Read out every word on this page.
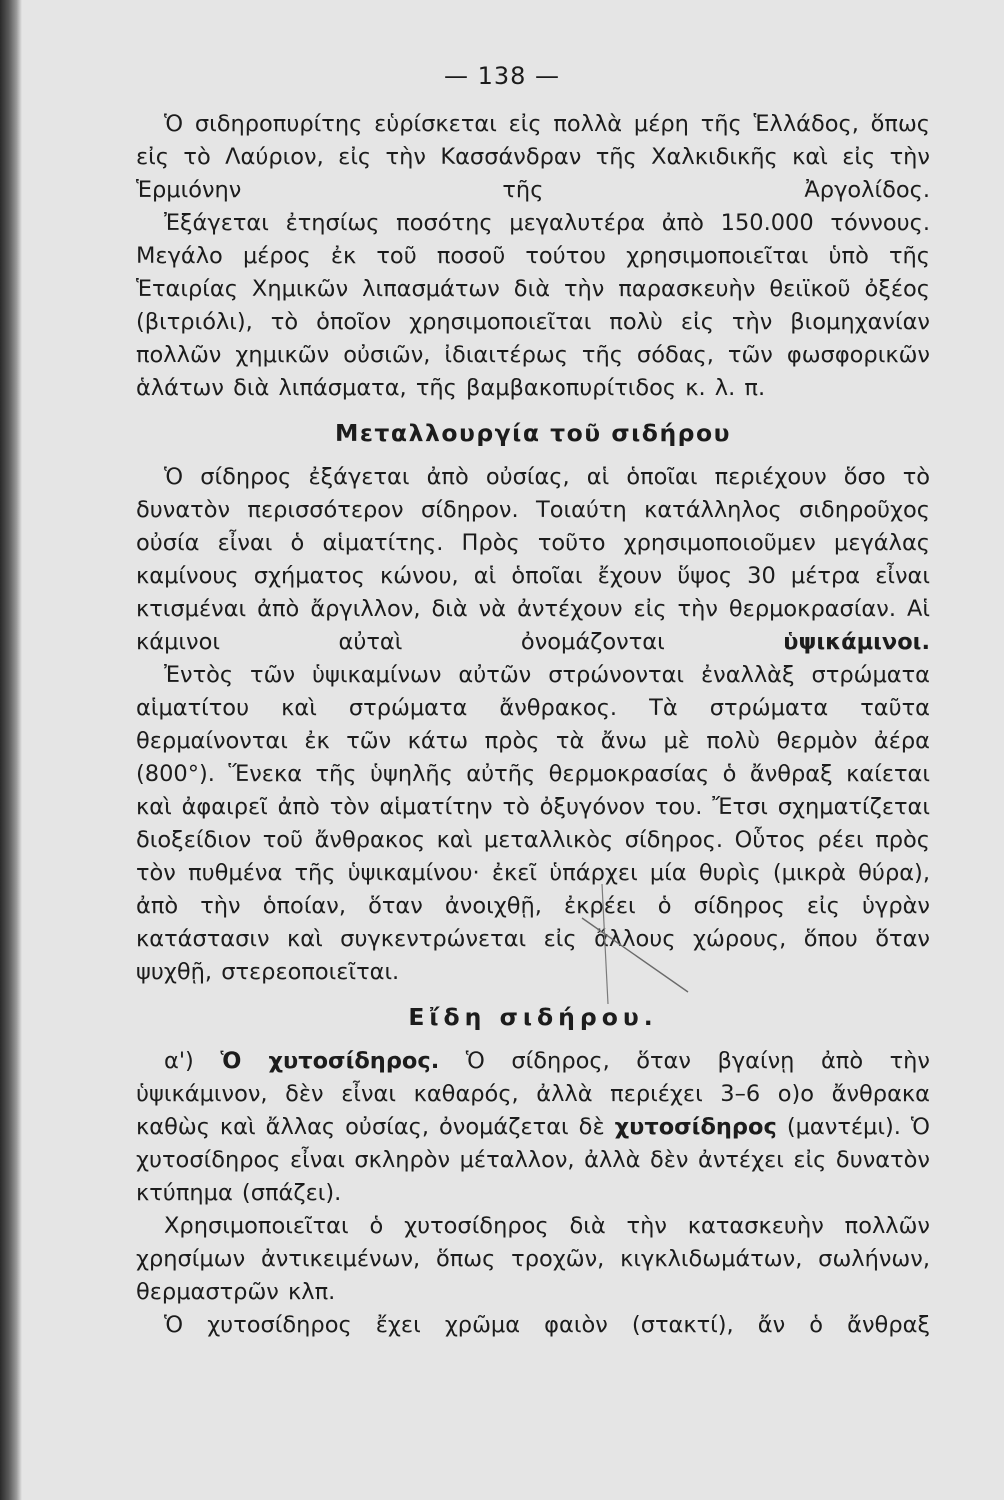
— 138 —

Ὁ σιδηροπυρίτης εὑρίσκεται εἰς πολλὰ μέρη τῆς Ἑλλάδος, ὅπως εἰς τὸ Λαύριον, εἰς τὴν Κασσάνδραν τῆς Χαλκιδικῆς καὶ εἰς τὴν Ἑρμιόνην τῆς Ἀργολίδος.

Ἐξάγεται ἐτησίως ποσότης μεγαλυτέρα ἀπὸ 150.000 τόννους. Μεγάλο μέρος ἐκ τοῦ ποσοῦ τούτου χρησιμοποιεῖται ὑπὸ τῆς Ἑταιρίας Χημικῶν λιπασμάτων διὰ τὴν παρασκευὴν θειϊκοῦ ὀξέος (βιτριόλι), τὸ ὁποῖον χρησιμοποιεῖται πολὺ εἰς τὴν βιομηχανίαν πολλῶν χημικῶν οὐσιῶν, ἰδιαιτέρως τῆς σόδας, τῶν φωσφορικῶν ἁλάτων διὰ λιπάσματα, τῆς βαμβακοπυρίτιδος κ. λ. π.

Μεταλλουργία τοῦ σιδήρου

Ὁ σίδηρος ἐξάγεται ἀπὸ οὐσίας, αἱ ὁποῖαι περιέχουν ὅσο τὸ δυνατὸν περισσότερον σίδηρον. Τοιαύτη κατάλληλος σιδηροῦχος οὐσία εἶναι ὁ αἱματίτης. Πρὸς τοῦτο χρησιμοποιοῦμεν μεγάλας καμίνους σχήματος κώνου, αἱ ὁποῖαι ἔχουν ὕψος 30 μέτρα εἶναι κτισμέναι ἀπὸ ἄργιλλον, διὰ νὰ ἀντέχουν εἰς τὴν θερμοκρασίαν. Αἱ κάμινοι αὐταὶ ὀνομάζονται ὑψικάμινοι.

Ἐντὸς τῶν ὑψικαμίνων αὐτῶν στρώνονται ἐναλλὰξ στρώματα αἱματίτου καὶ στρώματα ἄνθρακος. Τὰ στρώματα ταῦτα θερμαίνονται ἐκ τῶν κάτω πρὸς τὰ ἄνω μὲ πολὺ θερμὸν ἀέρα (800°). Ἕνεκα τῆς ὑψηλῆς αὐτῆς θερμοκρασίας ὁ ἄνθραξ καίεται καὶ ἀφαιρεῖ ἀπὸ τὸν αἱματίτην τὸ ὀξυγόνον του. Ἔτσι σχηματίζεται διοξείδιον τοῦ ἄνθρακος καὶ μεταλλικὸς σίδηρος. Οὗτος ρέει πρὸς τὸν πυθμένα τῆς ὑψικαμίνου· ἐκεῖ ὑπάρχει μία θυρὶς (μικρὰ θύρα), ἀπὸ τὴν ὁποίαν, ὅταν ἀνοιχθῇ, ἐκρέει ὁ σίδηρος εἰς ὑγρὰν κατάστασιν καὶ συγκεντρώνεται εἰς ἄλλους χώρους, ὅπου ὅταν ψυχθῇ, στερεοποιεῖται.

Εἴδη σιδήρου.

α') Ὁ χυτοσίδηρος. Ὁ σίδηρος, ὅταν βγαίνῃ ἀπὸ τὴν ὑψικάμινον, δὲν εἶναι καθαρός, ἀλλὰ περιέχει 3–6 ο)ο ἄνθρακα καθὼς καὶ ἄλλας οὐσίας, ὀνομάζεται δὲ χυτοσίδηρος (μαντέμι). Ὁ χυτοσίδηρος εἶναι σκληρὸν μέταλλον, ἀλλὰ δὲν ἀντέχει εἰς δυνατὸν κτύπημα (σπάζει).

Χρησιμοποιεῖται ὁ χυτοσίδηρος διὰ τὴν κατασκευὴν πολλῶν χρησίμων ἀντικειμένων, ὅπως τροχῶν, κιγκλιδωμάτων, σωλήνων, θερμαστρῶν κλπ.

Ὁ χυτοσίδηρος ἔχει χρῶμα φαιὸν (στακτί), ἄν ὁ ἄνθραξ
